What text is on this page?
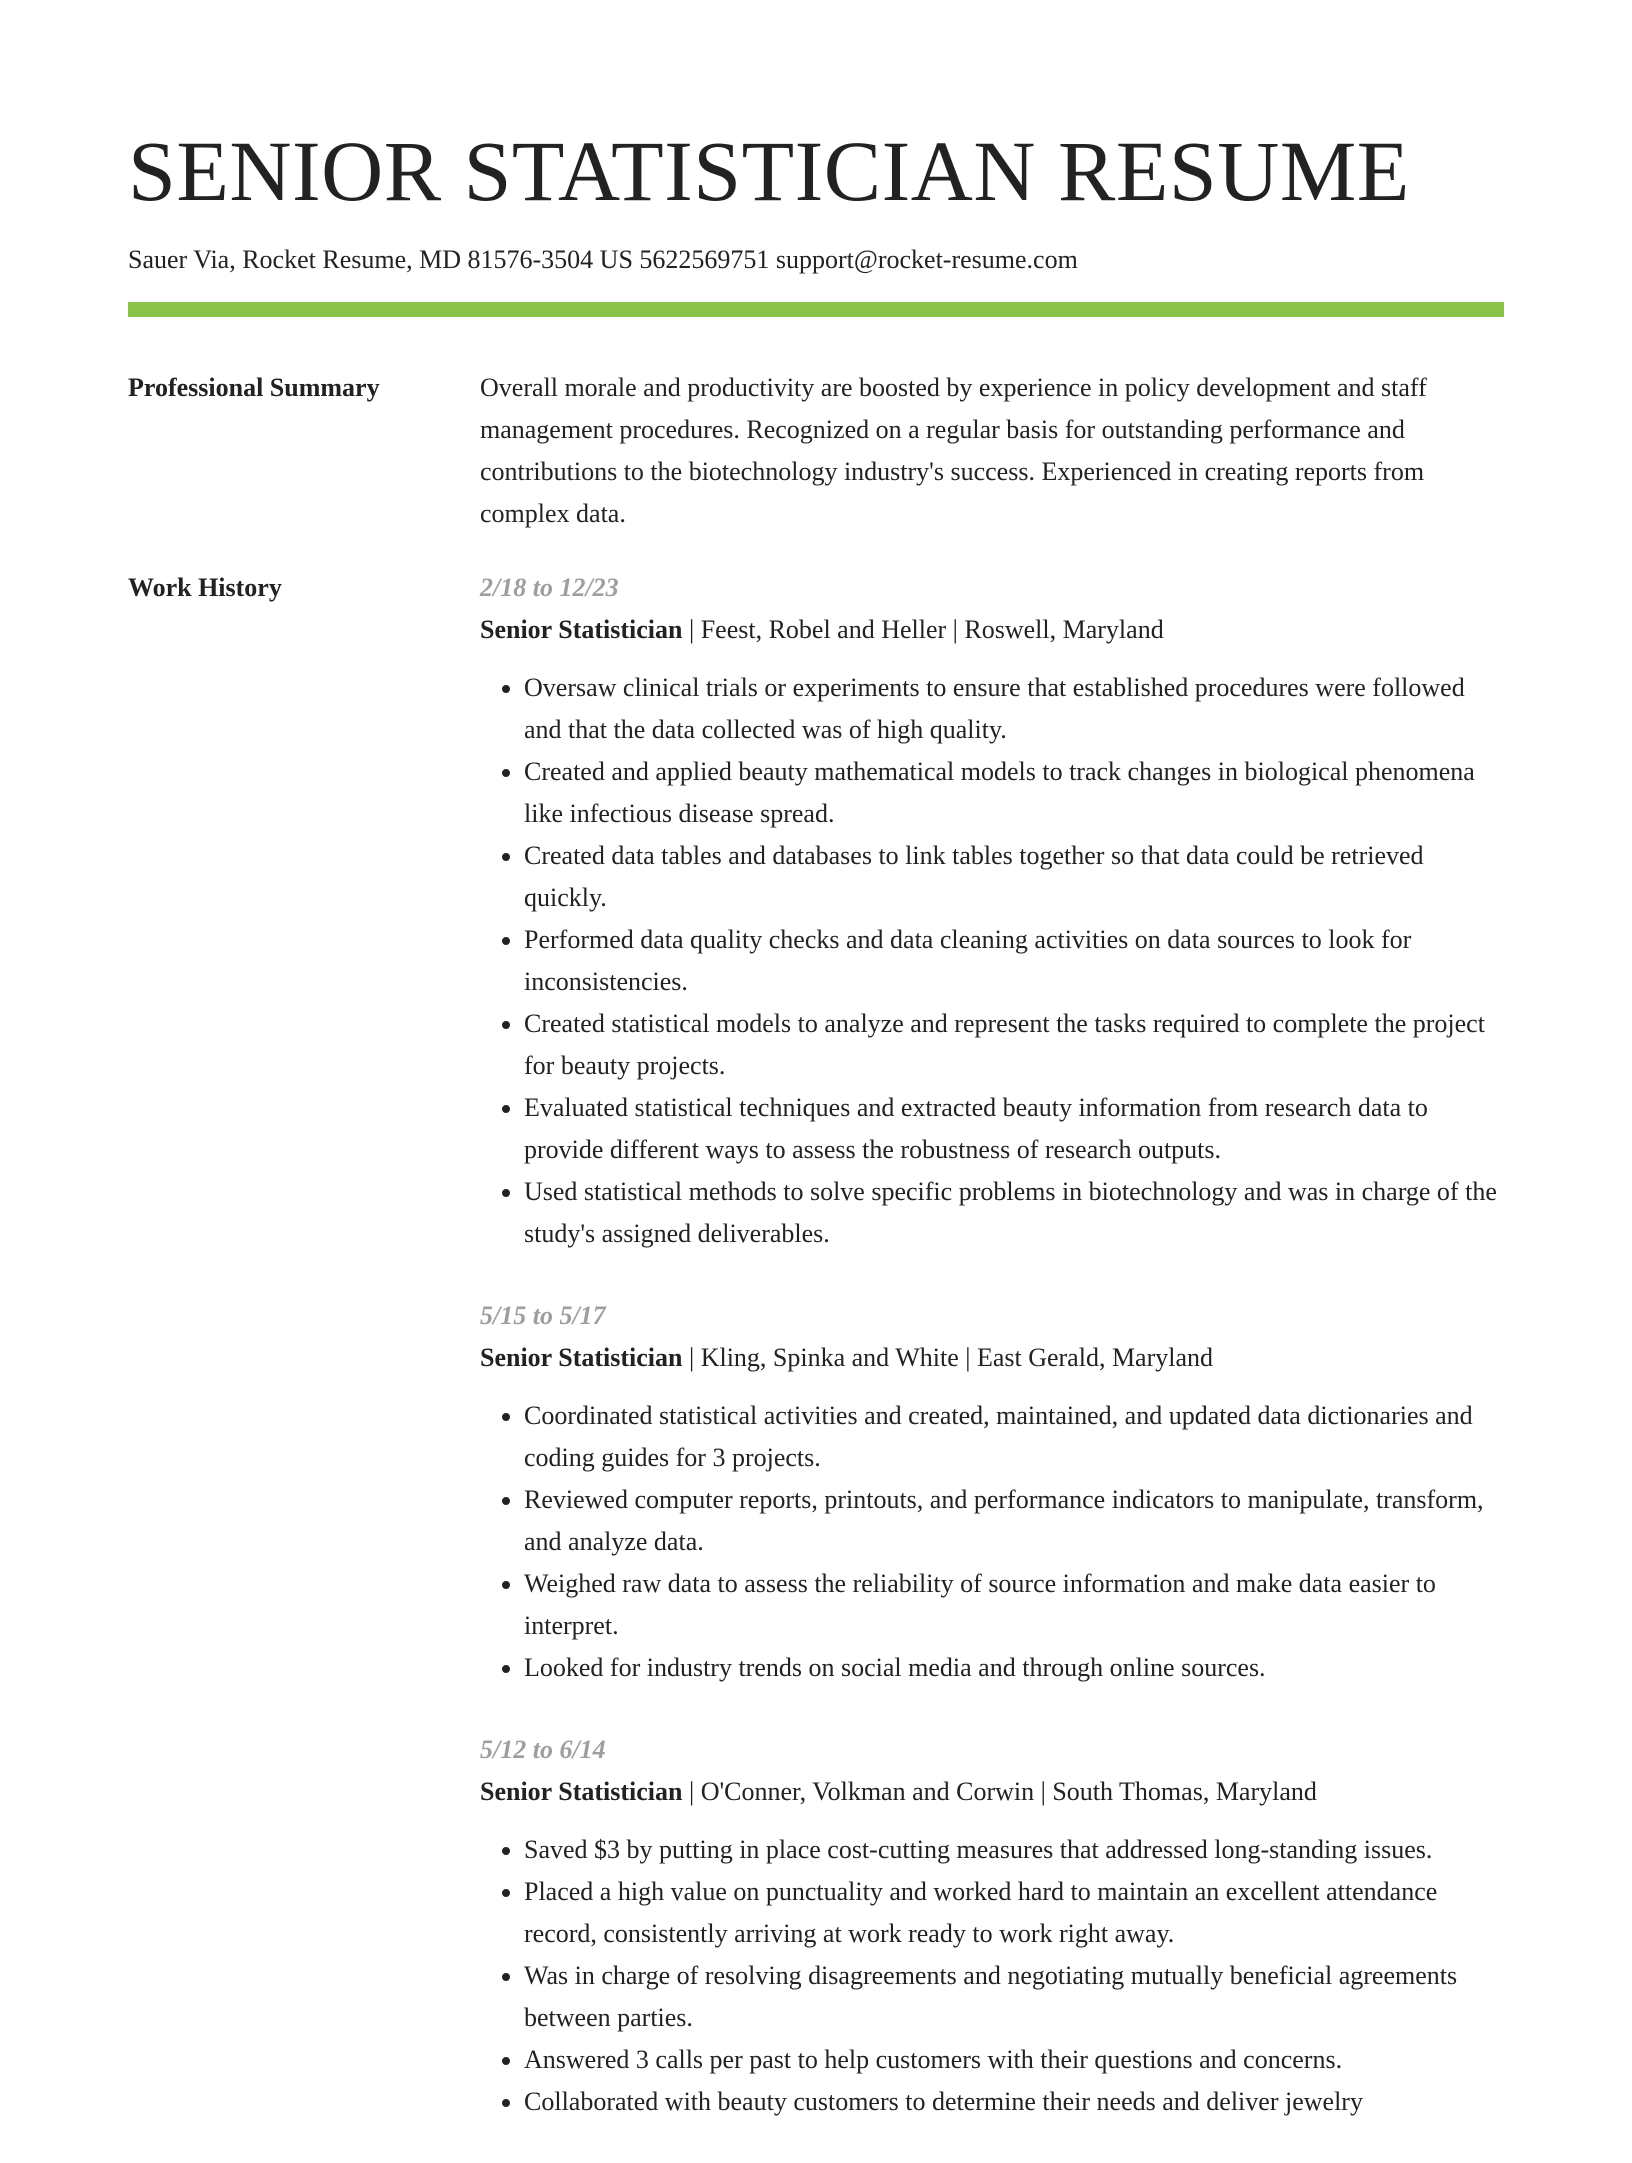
SENIOR STATISTICIAN RESUME
Sauer Via, Rocket Resume, MD 81576-3504 US 5622569751 support@rocket-resume.com
Professional Summary	Overall morale and productivity are boosted by experience in policy development and staff management procedures. Recognized on a regular basis for outstanding performance and contributions to the biotechnology industry's success. Experienced in creating reports from complex data.

Work History	2/18 to 12/23
Senior Statistician | Feest, Robel and Heller | Roswell, Maryland
• Oversaw clinical trials or experiments to ensure that established procedures were followed and that the data collected was of high quality.
• Created and applied beauty mathematical models to track changes in biological phenomena like infectious disease spread.
• Created data tables and databases to link tables together so that data could be retrieved quickly.
• Performed data quality checks and data cleaning activities on data sources to look for inconsistencies.
• Created statistical models to analyze and represent the tasks required to complete the project for beauty projects.
• Evaluated statistical techniques and extracted beauty information from research data to provide different ways to assess the robustness of research outputs.
• Used statistical methods to solve specific problems in biotechnology and was in charge of the study's assigned deliverables.
5/15 to 5/17
Senior Statistician | Kling, Spinka and White | East Gerald, Maryland
• Coordinated statistical activities and created, maintained, and updated data dictionaries and coding guides for 3 projects.
• Reviewed computer reports, printouts, and performance indicators to manipulate, transform, and analyze data.
• Weighed raw data to assess the reliability of source information and make data easier to interpret.
• Looked for industry trends on social media and through online sources.
5/12 to 6/14
Senior Statistician | O'Conner, Volkman and Corwin | South Thomas, Maryland
• Saved $3 by putting in place cost-cutting measures that addressed long-standing issues.
• Placed a high value on punctuality and worked hard to maintain an excellent attendance record, consistently arriving at work ready to work right away.
• Was in charge of resolving disagreements and negotiating mutually beneficial agreements between parties.
• Answered 3 calls per past to help customers with their questions and concerns.
• Collaborated with beauty customers to determine their needs and deliver jewelry
